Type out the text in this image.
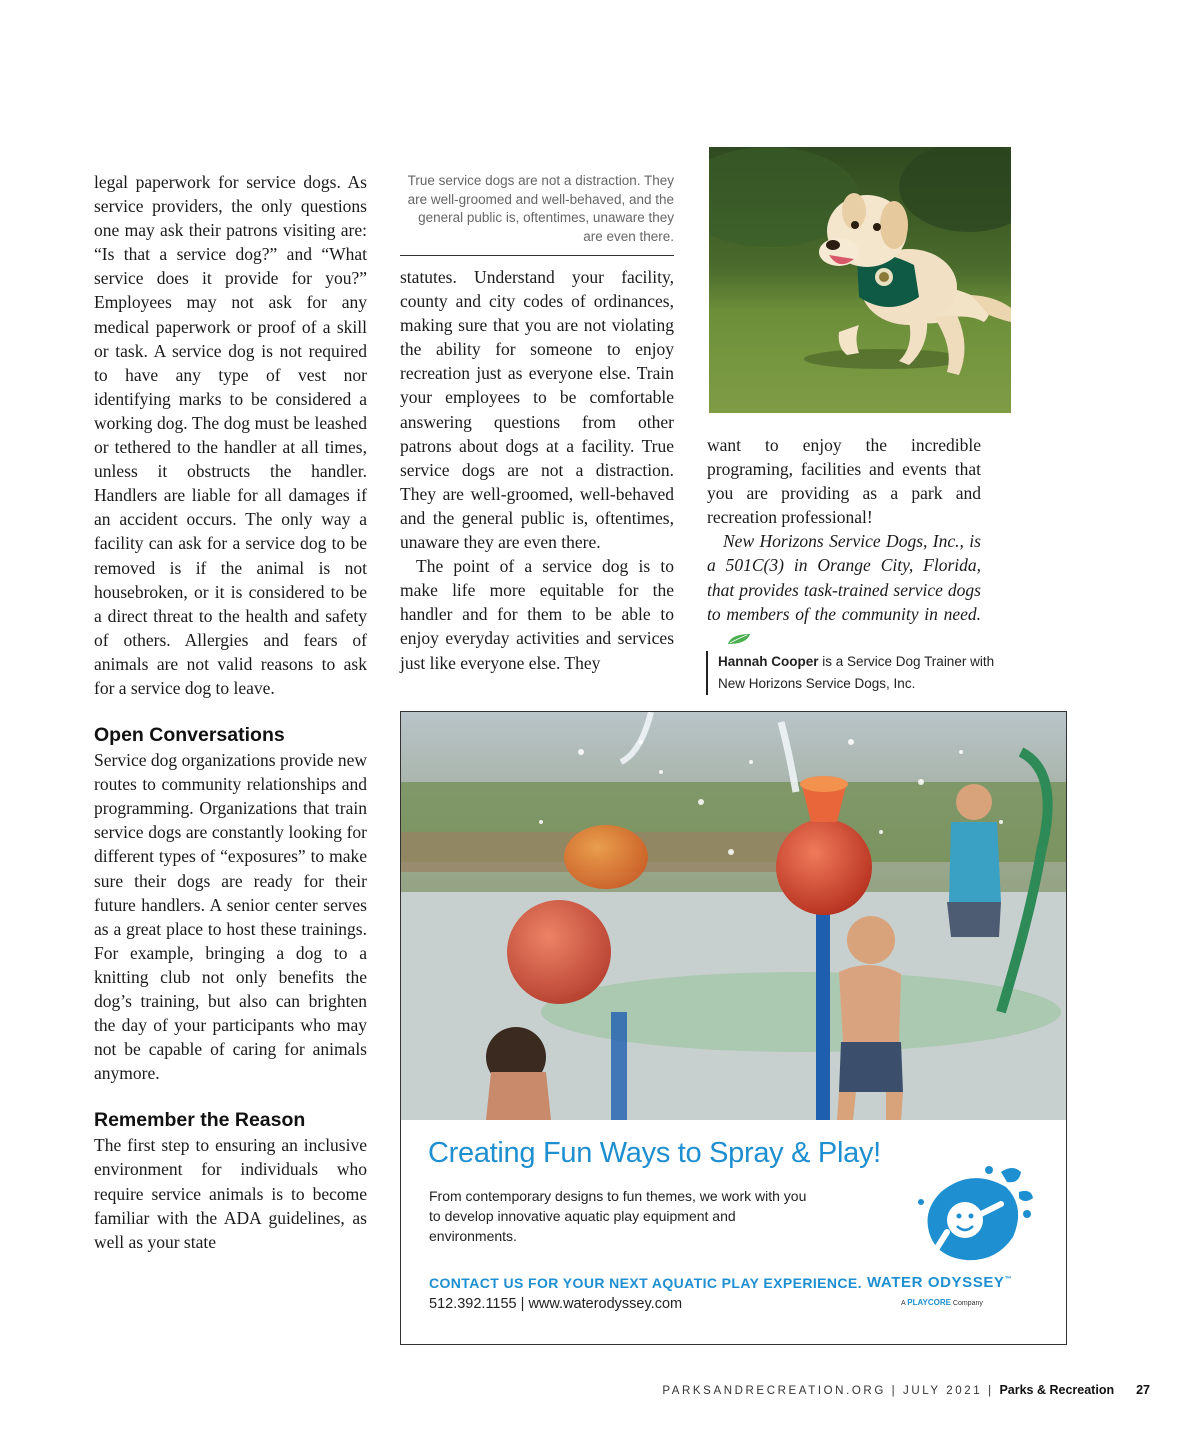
legal paperwork for service dogs. As service providers, the only questions one may ask their patrons visiting are: “Is that a service dog?” and “What service does it provide for you?” Employees may not ask for any medical paperwork or proof of a skill or task. A service dog is not required to have any type of vest nor identifying marks to be considered a working dog. The dog must be leashed or tethered to the handler at all times, unless it obstructs the handler. Handlers are liable for all damages if an accident occurs. The only way a facility can ask for a service dog to be removed is if the animal is not housebroken, or it is considered to be a direct threat to the health and safety of others. Allergies and fears of animals are not valid reasons to ask for a service dog to leave.

Open Conversations

Service dog organizations provide new routes to community relationships and programming. Organizations that train service dogs are constantly looking for different types of “exposures” to make sure their dogs are ready for their future handlers. A senior center serves as a great place to host these trainings. For example, bringing a dog to a knitting club not only benefits the dog’s training, but also can brighten the day of your participants who may not be capable of caring for animals anymore.

Remember the Reason

The first step to ensuring an inclusive environment for individuals who require service animals is to become familiar with the ADA guidelines, as well as your state

True service dogs are not a distraction. They are well-groomed and well-behaved, and the general public is, oftentimes, unaware they are even there.

statutes. Understand your facility, county and city codes of ordinances, making sure that you are not violating the ability for someone to enjoy recreation just as everyone else. Train your employees to be comfortable answering questions from other patrons about dogs at a facility. True service dogs are not a distraction. They are well-groomed, well-behaved and the general public is, oftentimes, unaware they are even there.

The point of a service dog is to make life more equitable for the handler and for them to be able to enjoy everyday activities and services just like everyone else. They

want to enjoy the incredible programing, facilities and events that you are providing as a park and recreation professional!

New Horizons Service Dogs, Inc., is a 501C(3) in Orange City, Florida, that provides task-trained service dogs to members of the community in need.

Hannah Cooper is a Service Dog Trainer with New Horizons Service Dogs, Inc.
Creating Fun Ways to Spray & Play!
From contemporary designs to fun themes, we work with you to develop innovative aquatic play equipment and environments.
CONTACT US FOR YOUR NEXT AQUATIC PLAY EXPERIENCE.
512.392.1155 | www.waterodyssey.com
WATER ODYSSEY™
A PLAYCORE Company
PARKSANDRECREATION.ORG | JULY 2021 | Parks & Recreation 27
